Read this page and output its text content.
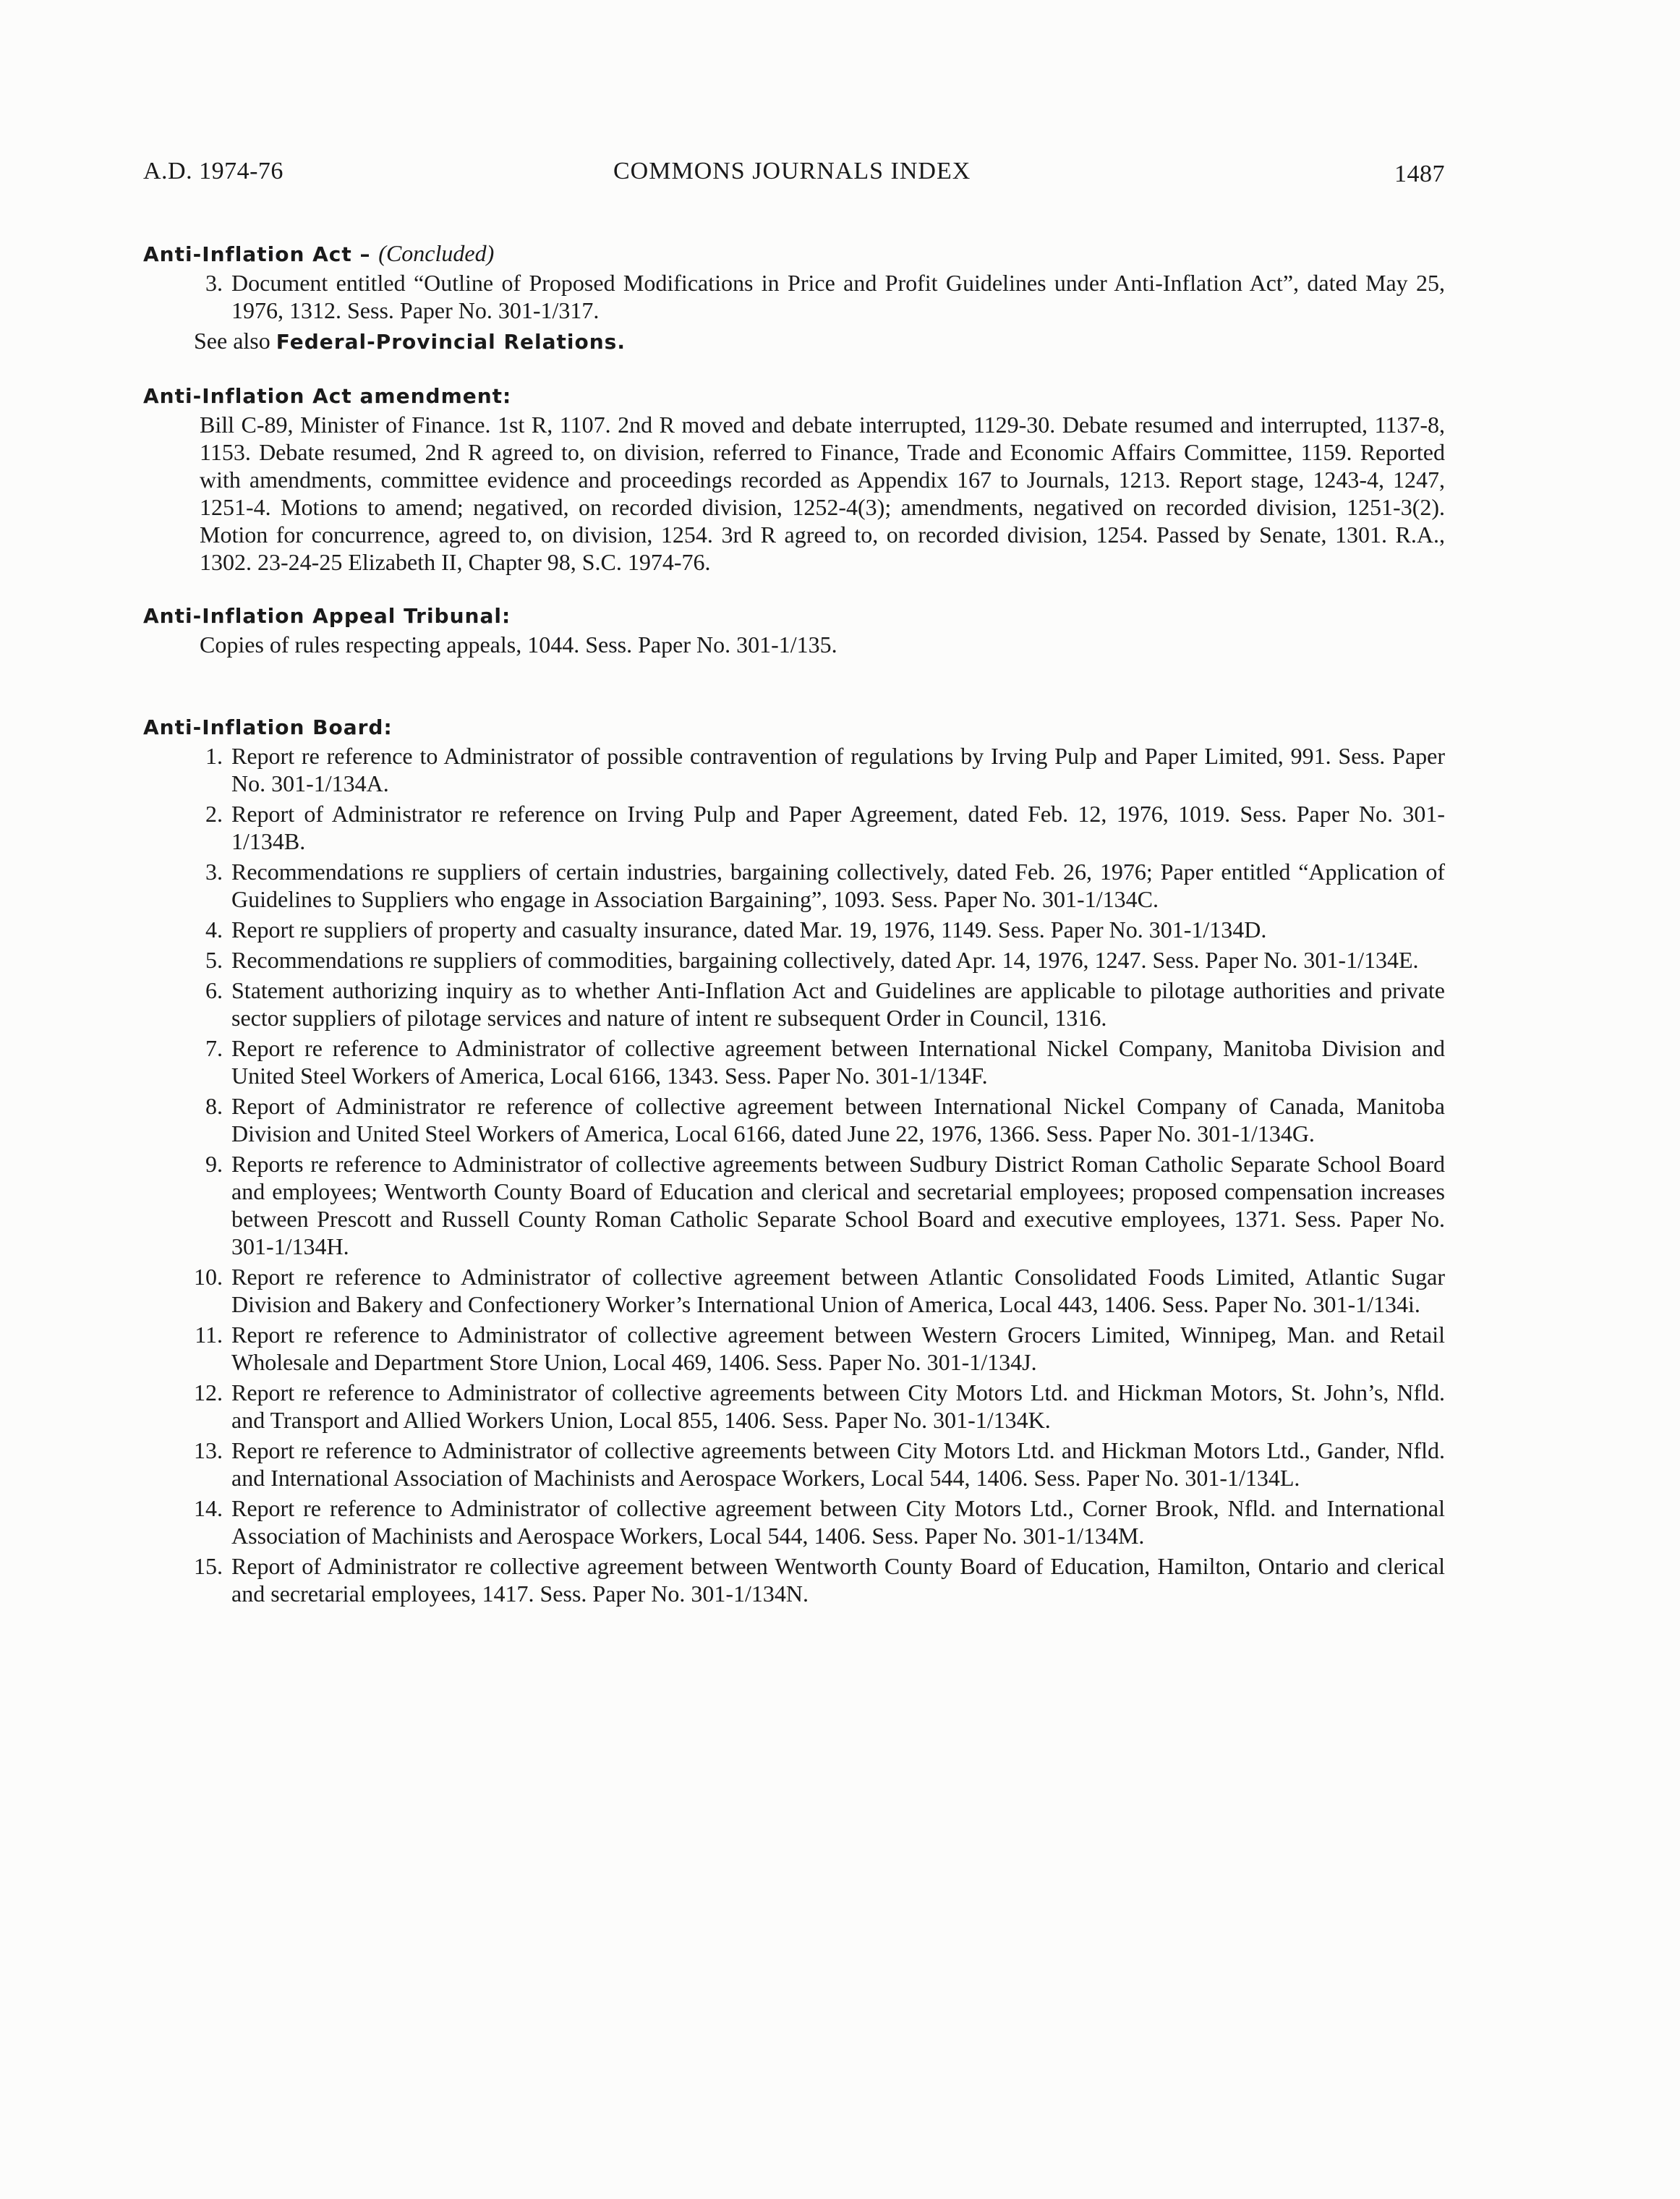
A.D. 1974-76	COMMONS JOURNALS INDEX	1487
Anti-Inflation Act – (Concluded)
3. Document entitled “Outline of Proposed Modifications in Price and Profit Guidelines under Anti-Inflation Act”, dated May 25, 1976, 1312. Sess. Paper No. 301-1/317.
See also Federal-Provincial Relations.
Anti-Inflation Act amendment:
Bill C-89, Minister of Finance. 1st R, 1107. 2nd R moved and debate interrupted, 1129-30. Debate resumed and interrupted, 1137-8, 1153. Debate resumed, 2nd R agreed to, on division, referred to Finance, Trade and Economic Affairs Committee, 1159. Reported with amendments, committee evidence and proceedings recorded as Appendix 167 to Journals, 1213. Report stage, 1243-4, 1247, 1251-4. Motions to amend; negatived, on recorded division, 1252-4(3); amendments, negatived on recorded division, 1251-3(2). Motion for concurrence, agreed to, on division, 1254. 3rd R agreed to, on recorded division, 1254. Passed by Senate, 1301. R.A., 1302. 23-24-25 Elizabeth II, Chapter 98, S.C. 1974-76.
Anti-Inflation Appeal Tribunal:
Copies of rules respecting appeals, 1044. Sess. Paper No. 301-1/135.
Anti-Inflation Board:
1. Report re reference to Administrator of possible contravention of regulations by Irving Pulp and Paper Limited, 991. Sess. Paper No. 301-1/134A.
2. Report of Administrator re reference on Irving Pulp and Paper Agreement, dated Feb. 12, 1976, 1019. Sess. Paper No. 301-1/134B.
3. Recommendations re suppliers of certain industries, bargaining collectively, dated Feb. 26, 1976; Paper entitled “Application of Guidelines to Suppliers who engage in Association Bargaining”, 1093. Sess. Paper No. 301-1/134C.
4. Report re suppliers of property and casualty insurance, dated Mar. 19, 1976, 1149. Sess. Paper No. 301-1/134D.
5. Recommendations re suppliers of commodities, bargaining collectively, dated Apr. 14, 1976, 1247. Sess. Paper No. 301-1/134E.
6. Statement authorizing inquiry as to whether Anti-Inflation Act and Guidelines are applicable to pilotage authorities and private sector suppliers of pilotage services and nature of intent re subsequent Order in Council, 1316.
7. Report re reference to Administrator of collective agreement between International Nickel Company, Manitoba Division and United Steel Workers of America, Local 6166, 1343. Sess. Paper No. 301-1/134F.
8. Report of Administrator re reference of collective agreement between International Nickel Company of Canada, Manitoba Division and United Steel Workers of America, Local 6166, dated June 22, 1976, 1366. Sess. Paper No. 301-1/134G.
9. Reports re reference to Administrator of collective agreements between Sudbury District Roman Catholic Separate School Board and employees; Wentworth County Board of Education and clerical and secretarial employees; proposed compensation increases between Prescott and Russell County Roman Catholic Separate School Board and executive employees, 1371. Sess. Paper No. 301-1/134H.
10. Report re reference to Administrator of collective agreement between Atlantic Consolidated Foods Limited, Atlantic Sugar Division and Bakery and Confectionery Worker’s International Union of America, Local 443, 1406. Sess. Paper No. 301-1/134i.
11. Report re reference to Administrator of collective agreement between Western Grocers Limited, Winnipeg, Man. and Retail Wholesale and Department Store Union, Local 469, 1406. Sess. Paper No. 301-1/134J.
12. Report re reference to Administrator of collective agreements between City Motors Ltd. and Hickman Motors, St. John’s, Nfld. and Transport and Allied Workers Union, Local 855, 1406. Sess. Paper No. 301-1/134K.
13. Report re reference to Administrator of collective agreements between City Motors Ltd. and Hickman Motors Ltd., Gander, Nfld. and International Association of Machinists and Aerospace Workers, Local 544, 1406. Sess. Paper No. 301-1/134L.
14. Report re reference to Administrator of collective agreement between City Motors Ltd., Corner Brook, Nfld. and International Association of Machinists and Aerospace Workers, Local 544, 1406. Sess. Paper No. 301-1/134M.
15. Report of Administrator re collective agreement between Wentworth County Board of Education, Hamilton, Ontario and clerical and secretarial employees, 1417. Sess. Paper No. 301-1/134N.
